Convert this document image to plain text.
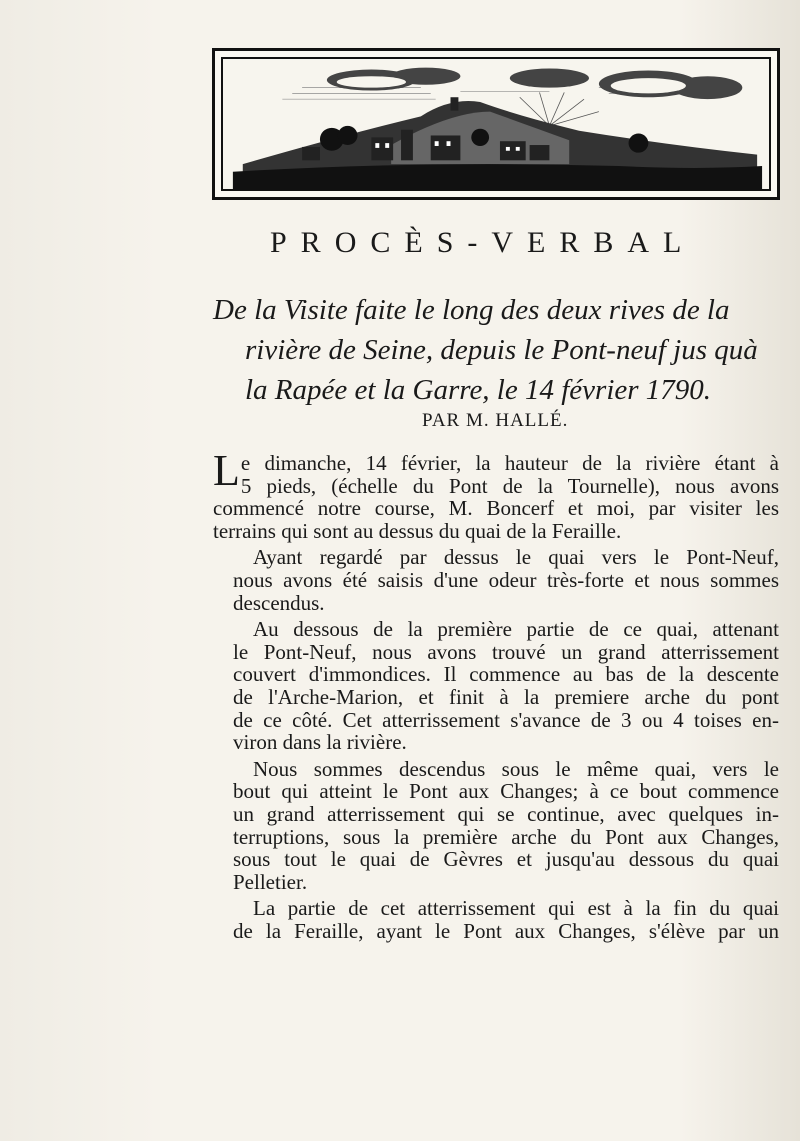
PROCÈS-VERBAL
De la Visite faite le long des deux rives de la
rivière de Seine, depuis le Pont-neuf jus quà
la Rapée et la Garre, le 14 février 1790.
PAR M. HALLÉ.

L e dimanche, 14 février, la hauteur de la rivière étant à
5 pieds, (échelle du Pont de la Tournelle), nous avons
commencé notre course, M. Boncerf et moi, par visiter les
terrains qui sont au dessus du quai de la Feraille.

Ayant regardé par dessus le quai vers le Pont-Neuf,
nous avons été saisis d'une odeur très-forte et nous sommes
descendus.

Au dessous de la première partie de ce quai, attenant
le Pont-Neuf, nous avons trouvé un grand atterrissement
couvert d'immondices. Il commence au bas de la descente
de l'Arche-Marion, et finit à la premiere arche du pont
de ce côté. Cet atterrissement s'avance de 3 ou 4 toises en-
viron dans la rivière.

Nous sommes descendus sous le même quai, vers le
bout qui atteint le Pont aux Changes; à ce bout commence
un grand atterrissement qui se continue, avec quelques in-
terruptions, sous la première arche du Pont aux Changes,
sous tout le quai de Gèvres et jusqu'au dessous du quai
Pelletier.

La partie de cet atterrissement qui est à la fin du quai
de la Feraille, ayant le Pont aux Changes, s'élève par un
